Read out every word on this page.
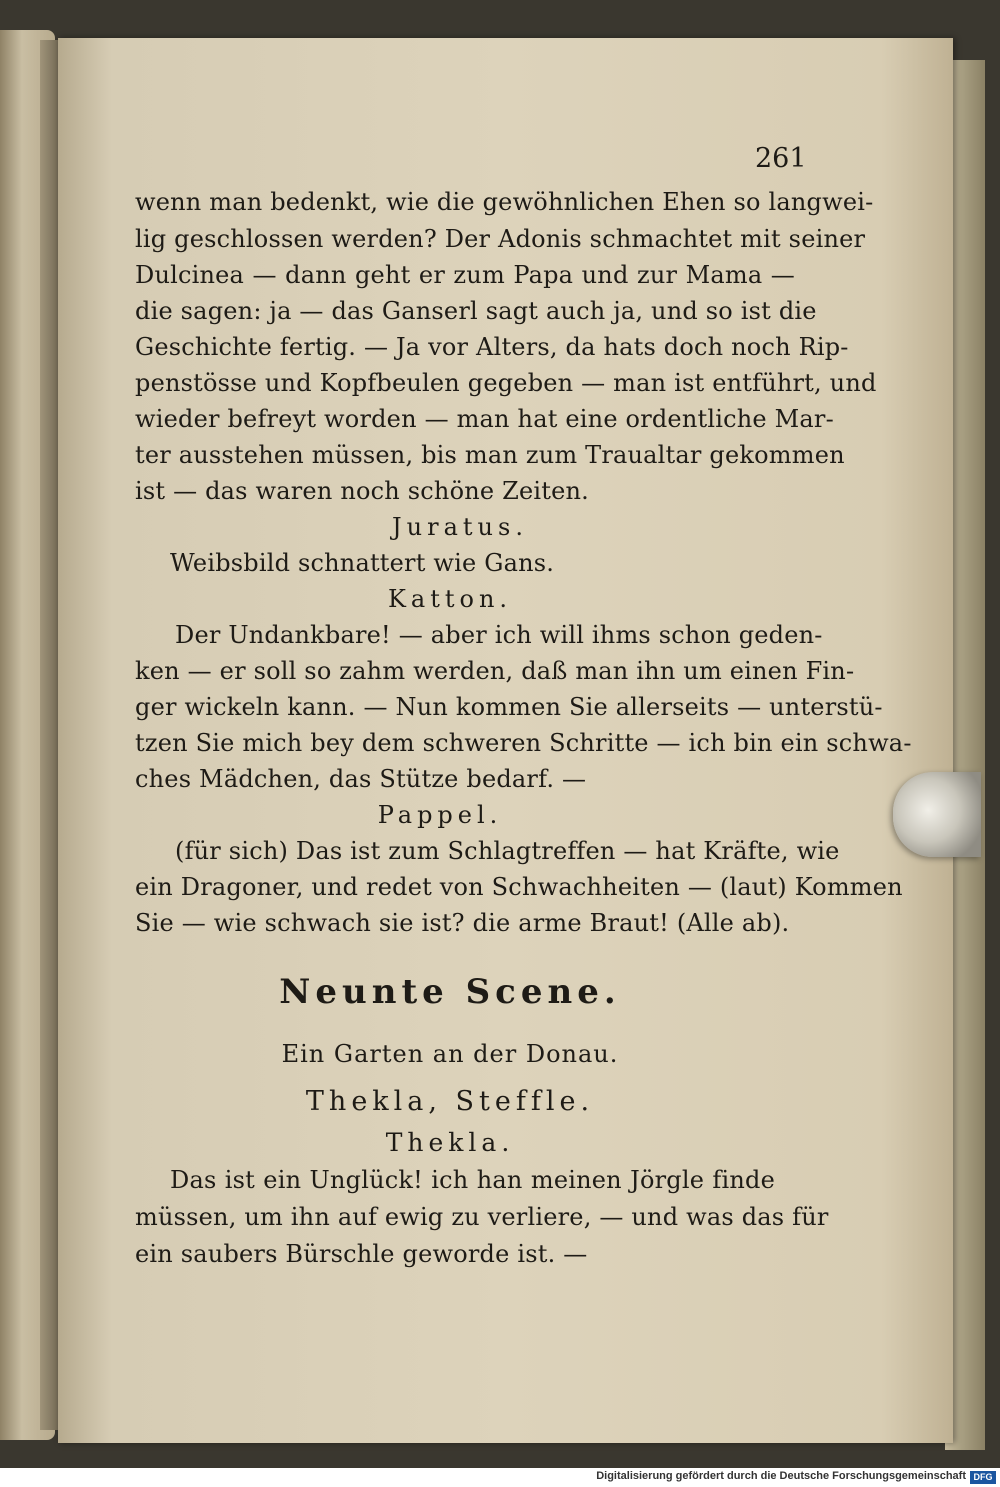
261
wenn man bedenkt, wie die gewöhnlichen Ehen so langwei-
lig geschlossen werden? Der Adonis schmachtet mit seiner
Dulcinea — dann geht er zum Papa und zur Mama —
die sagen: ja — das Ganserl sagt auch ja, und so ist die
Geschichte fertig. — Ja vor Alters, da hats doch noch Rip-
penstösse und Kopfbeulen gegeben — man ist entführt, und
wieder befreyt worden — man hat eine ordentliche Mar-
ter ausstehen müssen, bis man zum Traualtar gekommen
ist — das waren noch schöne Zeiten.
Juratus.
Weibsbild schnattert wie Gans.
Katton.
Der Undankbare! — aber ich will ihms schon geden-
ken — er soll so zahm werden, daß man ihn um einen Fin-
ger wickeln kann. — Nun kommen Sie allerseits — unterstü-
tzen Sie mich bey dem schweren Schritte — ich bin ein schwa-
ches Mädchen, das Stütze bedarf. —
Pappel.
(für sich) Das ist zum Schlagtreffen — hat Kräfte, wie
ein Dragoner, und redet von Schwachheiten — (laut) Kommen
Sie — wie schwach sie ist? die arme Braut! (Alle ab).
Neunte Scene.
Ein Garten an der Donau.
Thekla, Steffle.
Thekla.
Das ist ein Unglück! ich han meinen Jörgle finde
müssen, um ihn auf ewig zu verliere, — und was das für
ein saubers Bürschle geworde ist. —
Digitalisierung gefördert durch die Deutsche Forschungsgemeinschaft DFG
